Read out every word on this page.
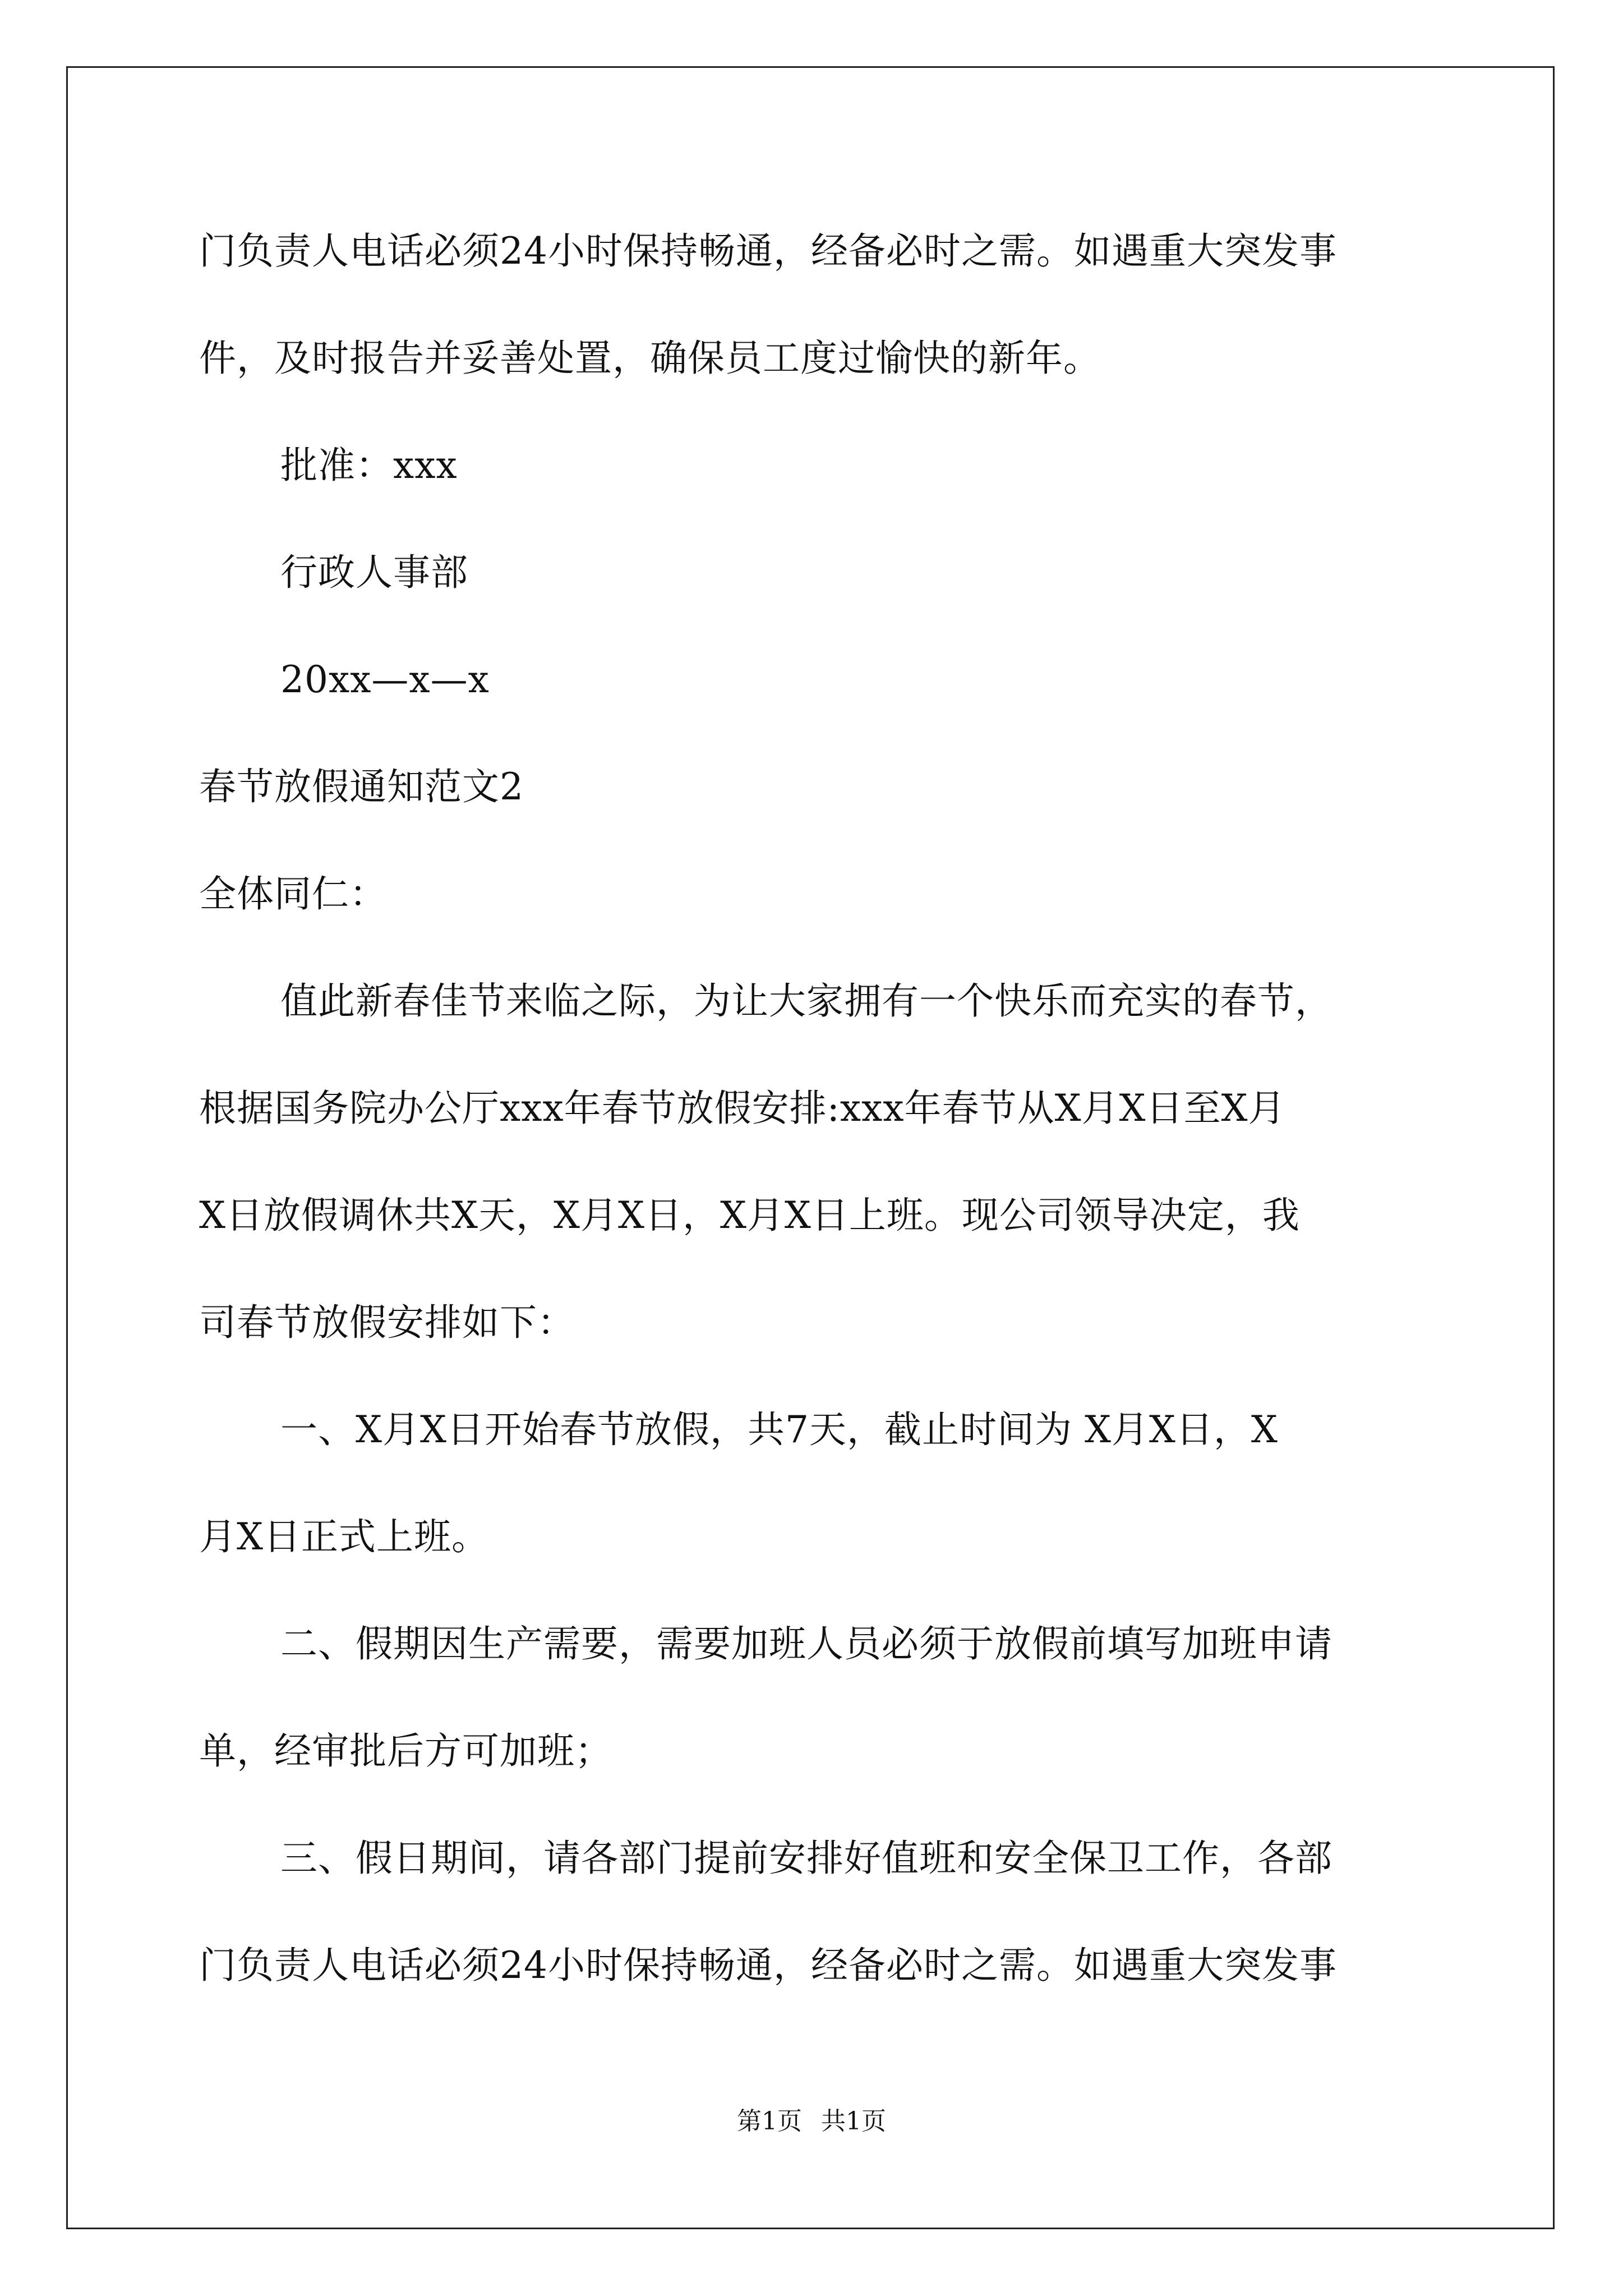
门负责人电话必须24小时保持畅通，经备必时之需。如遇重大突发事
件，及时报告并妥善处置，确保员工度过愉快的新年。
批准：xxx
行政人事部
20xx—x—x
春节放假通知范文2
全体同仁：
值此新春佳节来临之际，为让大家拥有一个快乐而充实的春节，
根据国务院办公厅xxx年春节放假安排:xxx年春节从X月X日至X月
X日放假调休共X天，X月X日，X月X日上班。现公司领导决定，我
司春节放假安排如下：
一、X月X日开始春节放假，共7天，截止时间为 X月X日，X
月X日正式上班。
二、假期因生产需要，需要加班人员必须于放假前填写加班申请
单，经审批后方可加班；
三、假日期间，请各部门提前安排好值班和安全保卫工作，各部
门负责人电话必须24小时保持畅通，经备必时之需。如遇重大突发事
第1页 共1页
